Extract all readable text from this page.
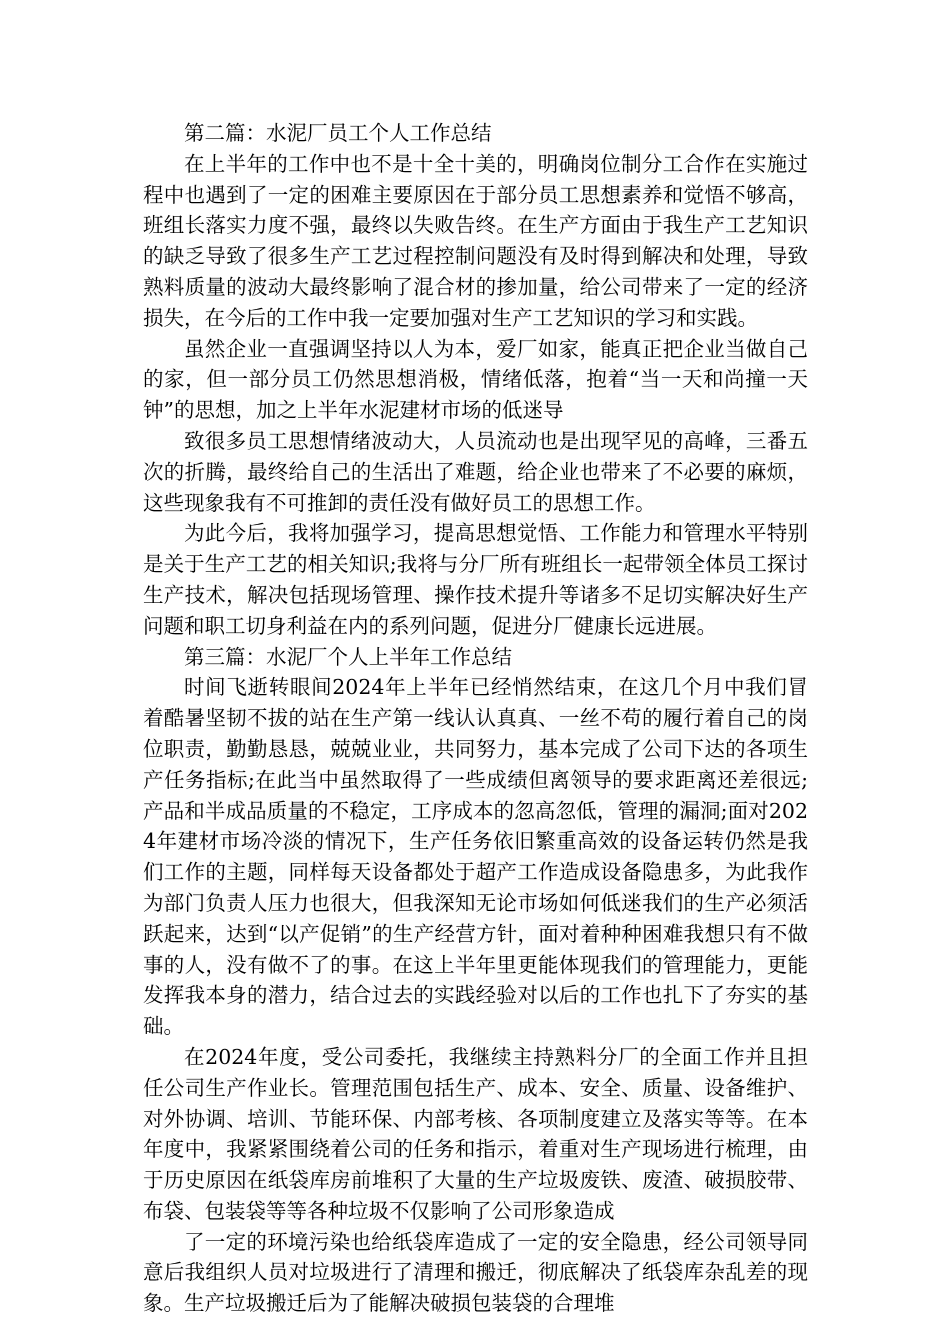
第二篇：水泥厂员工个人工作总结

在上半年的工作中也不是十全十美的，明确岗位制分工合作在实施过程中也遇到了一定的困难主要原因在于部分员工思想素养和觉悟不够高，班组长落实力度不强，最终以失败告终。在生产方面由于我生产工艺知识的缺乏导致了很多生产工艺过程控制问题没有及时得到解决和处理，导致熟料质量的波动大最终影响了混合材的掺加量，给公司带来了一定的经济损失，在今后的工作中我一定要加强对生产工艺知识的学习和实践。

虽然企业一直强调坚持以人为本，爱厂如家，能真正把企业当做自己的家，但一部分员工仍然思想消极，情绪低落，抱着“当一天和尚撞一天钟”的思想，加之上半年水泥建材市场的低迷导

致很多员工思想情绪波动大，人员流动也是出现罕见的高峰，三番五次的折腾，最终给自己的生活出了难题，给企业也带来了不必要的麻烦，这些现象我有不可推卸的责任没有做好员工的思想工作。

为此今后，我将加强学习，提高思想觉悟、工作能力和管理水平特别是关于生产工艺的相关知识;我将与分厂所有班组长一起带领全体员工探讨生产技术，解决包括现场管理、操作技术提升等诸多不足切实解决好生产问题和职工切身利益在内的系列问题，促进分厂健康长远进展。

第三篇：水泥厂个人上半年工作总结

时间飞逝转眼间2024年上半年已经悄然结束，在这几个月中我们冒着酷暑坚韧不拔的站在生产第一线认认真真、一丝不苟的履行着自己的岗位职责，勤勤恳恳，兢兢业业，共同努力，基本完成了公司下达的各项生产任务指标;在此当中虽然取得了一些成绩但离领导的要求距离还差很远;产品和半成品质量的不稳定，工序成本的忽高忽低，管理的漏洞;面对2024年建材市场冷淡的情况下，生产任务依旧繁重高效的设备运转仍然是我们工作的主题，同样每天设备都处于超产工作造成设备隐患多，为此我作为部门负责人压力也很大，但我深知无论市场如何低迷我们的生产必须活跃起来，达到“以产促销”的生产经营方针，面对着种种困难我想只有不做事的人，没有做不了的事。在这上半年里更能体现我们的管理能力，更能发挥我本身的潜力，结合过去的实践经验对以后的工作也扎下了夯实的基础。

在2024年度，受公司委托，我继续主持熟料分厂的全面工作并且担任公司生产作业长。管理范围包括生产、成本、安全、质量、设备维护、对外协调、培训、节能环保、内部考核、各项制度建立及落实等等。在本年度中，我紧紧围绕着公司的任务和指示，着重对生产现场进行梳理，由于历史原因在纸袋库房前堆积了大量的生产垃圾废铁、废渣、破损胶带、布袋、包装袋等等各种垃圾不仅影响了公司形象造成

了一定的环境污染也给纸袋库造成了一定的安全隐患，经公司领导同意后我组织人员对垃圾进行了清理和搬迁，彻底解决了纸袋库杂乱差的现象。生产垃圾搬迁后为了能解决破损包装袋的合理堆
